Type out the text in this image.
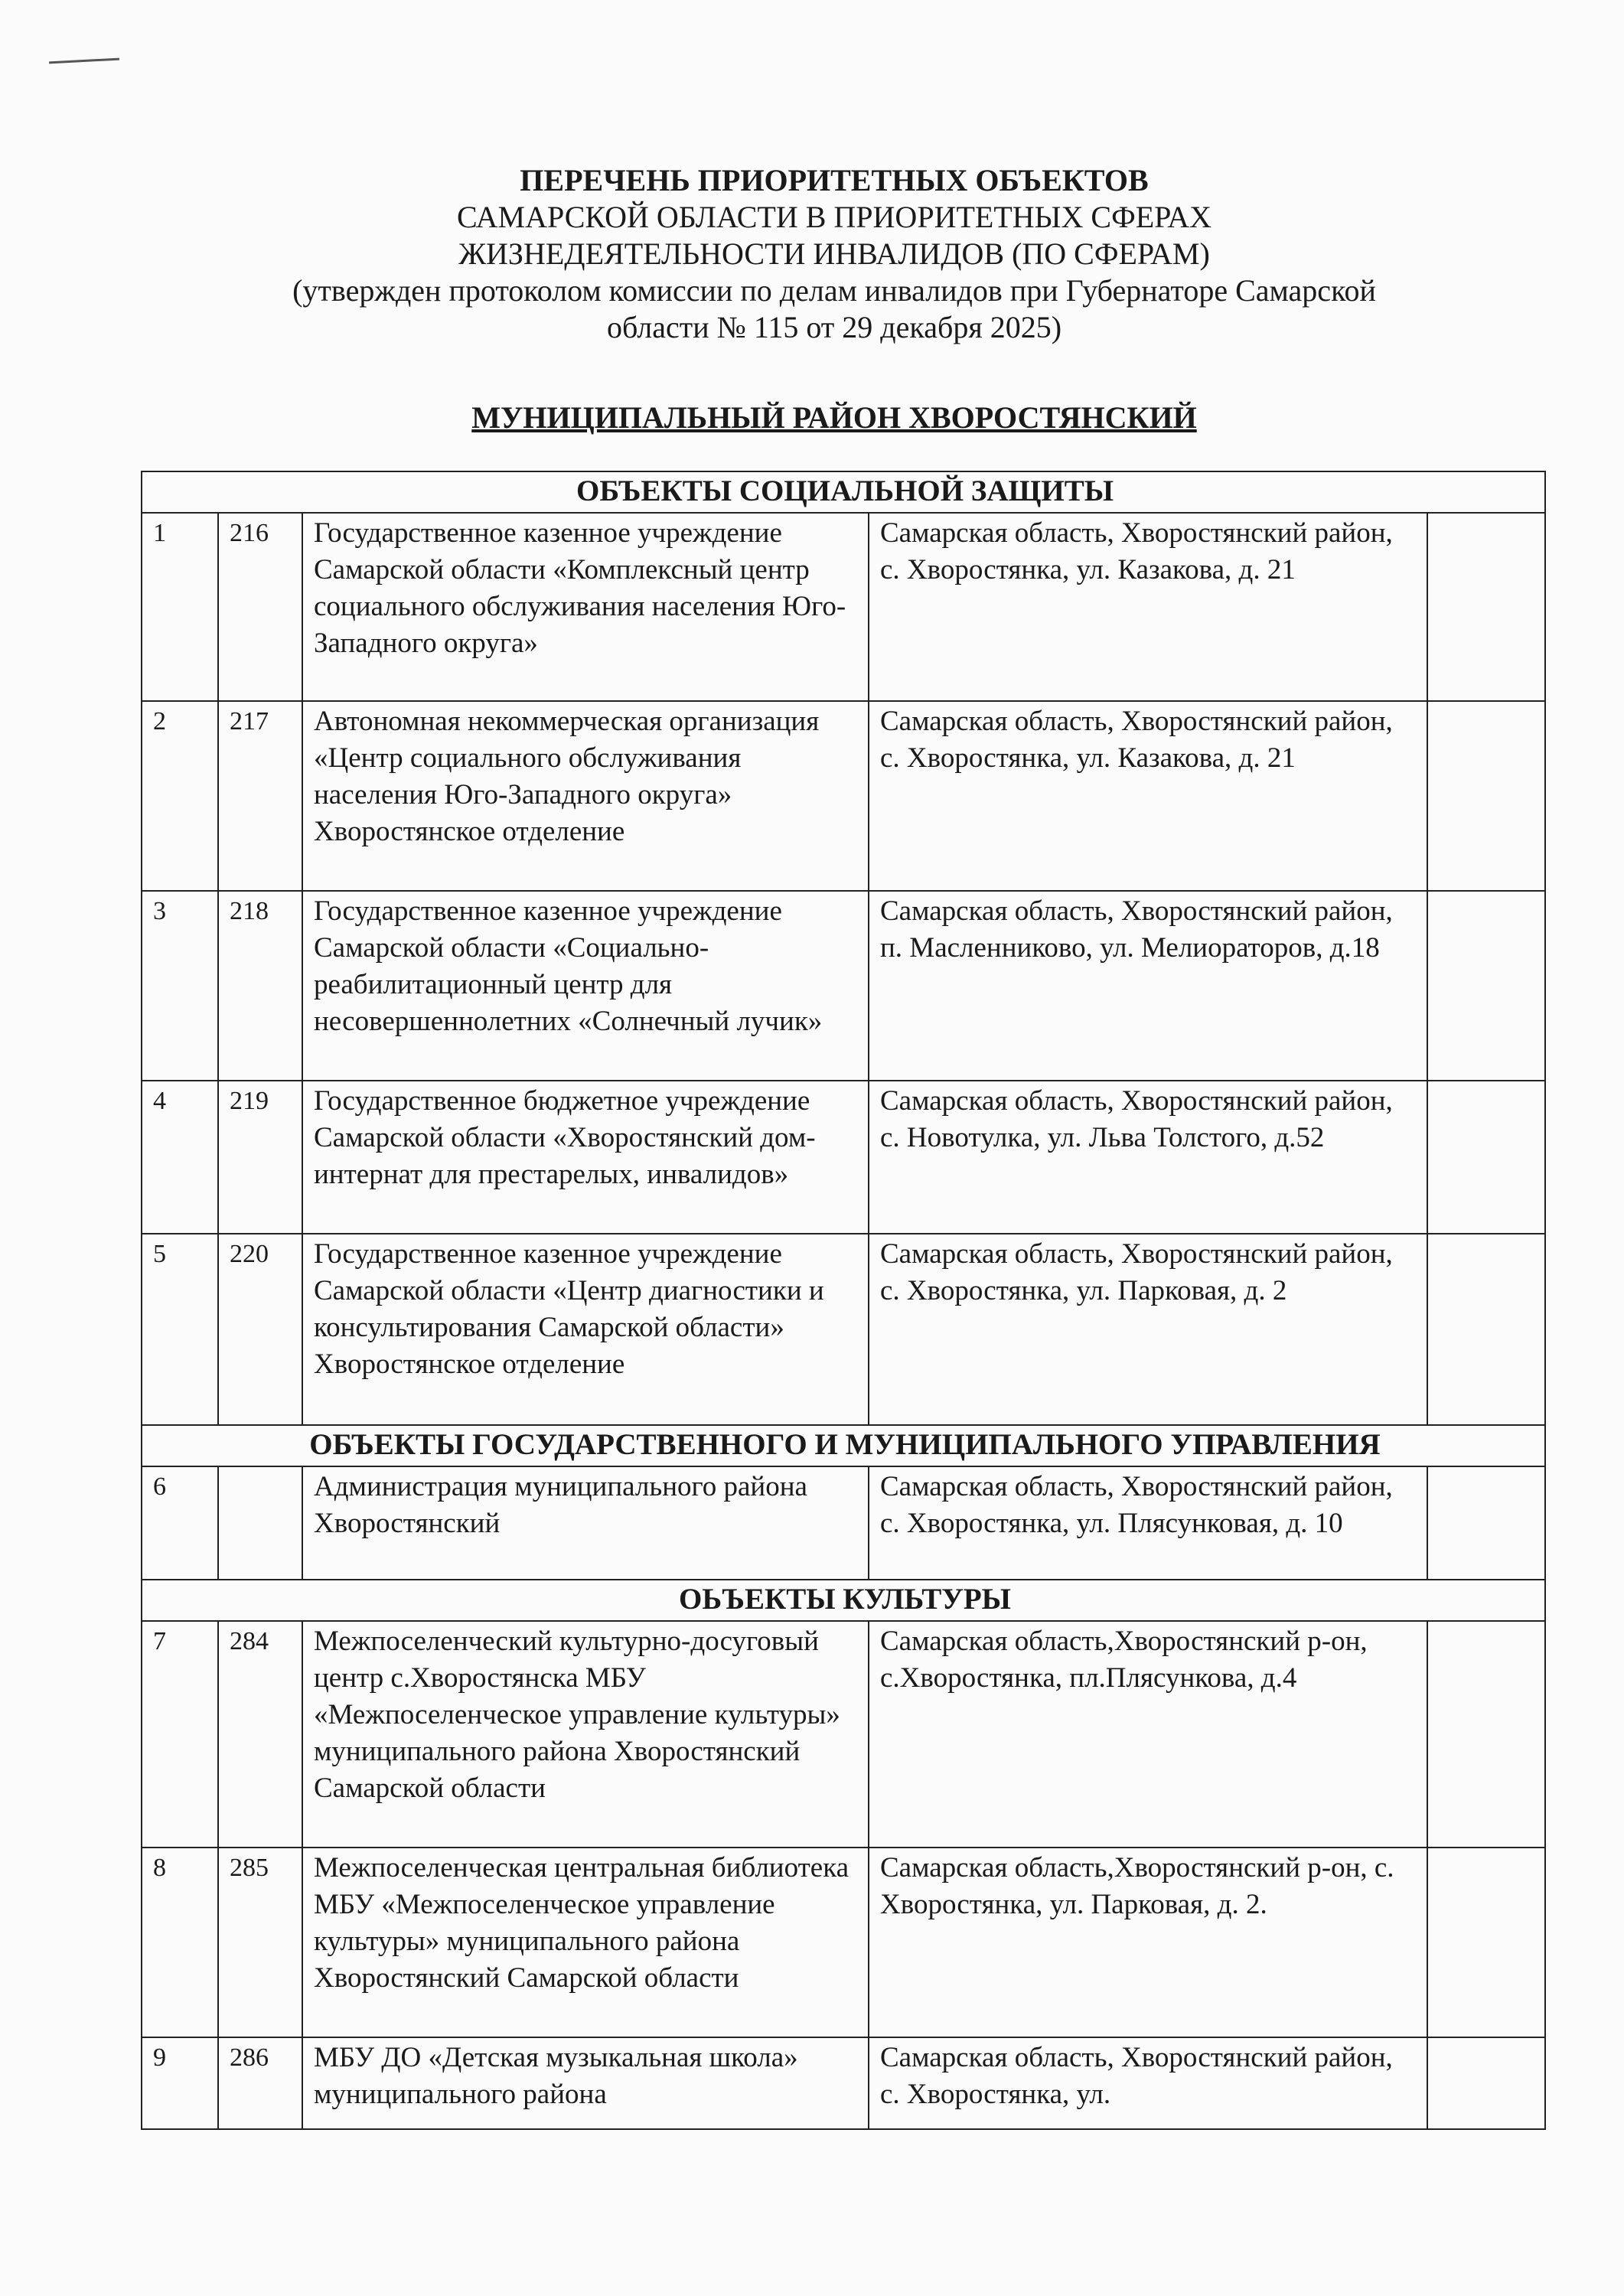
ПЕРЕЧЕНЬ ПРИОРИТЕТНЫХ ОБЪЕКТОВ
САМАРСКОЙ ОБЛАСТИ В ПРИОРИТЕТНЫХ СФЕРАХ
ЖИЗНЕДЕЯТЕЛЬНОСТИ ИНВАЛИДОВ (ПО СФЕРАМ)
(утвержден протоколом комиссии по делам инвалидов при Губернаторе Самарской
области № 115 от 29 декабря 2025)
МУНИЦИПАЛЬНЫЙ РАЙОН ХВОРОСТЯНСКИЙ
ОБЪЕКТЫ СОЦИАЛЬНОЙ ЗАЩИТЫ				
1	216	Государственное казенное учреждение Самарской области «Комплексный центр социального обслуживания населения Юго-Западного округа»	Самарская область, Хворостянский район, с. Хворостянка, ул. Казакова, д. 21	
2	217	Автономная некоммерческая организация «Центр социального обслуживания населения Юго-Западного округа» Хворостянское отделение	Самарская область, Хворостянский район, с. Хворостянка, ул. Казакова, д. 21	
3	218	Государственное казенное учреждение Самарской области «Социально-реабилитационный центр для несовершеннолетних «Солнечный лучик»	Самарская область, Хворостянский район, п. Масленниково, ул. Мелиораторов, д.18	
4	219	Государственное бюджетное учреждение Самарской области «Хворостянский дом-интернат для престарелых, инвалидов»	Самарская область, Хворостянский район, с. Новотулка, ул. Льва Толстого, д.52	
5	220	Государственное казенное учреждение Самарской области «Центр диагностики и консультирования Самарской области» Хворостянское отделение	Самарская область, Хворостянский район, с. Хворостянка, ул. Парковая, д. 2	
ОБЪЕКТЫ ГОСУДАРСТВЕННОГО И МУНИЦИПАЛЬНОГО УПРАВЛЕНИЯ				
6		Администрация муниципального района Хворостянский	Самарская область, Хворостянский район, с. Хворостянка, ул. Плясунковая, д. 10	
ОЬЪЕКТЫ КУЛЬТУРЫ				
7	284	Межпоселенческий культурно-досуговый центр с.Хворостянска МБУ «Межпоселенческое управление культуры» муниципального района Хворостянский Самарской области	Самарская область,Хворостянский р-он, с.Хворостянка, пл.Плясункова, д.4	
8	285	Межпоселенческая центральная библиотека МБУ «Межпоселенческое управление культуры» муниципального района Хворостянский Самарской области	Самарская область,Хворостянский р-он, с. Хворостянка, ул. Парковая, д. 2.	
9	286	МБУ ДО «Детская музыкальная школа» муниципального района	Самарская область, Хворостянский район, с. Хворостянка, ул.	
